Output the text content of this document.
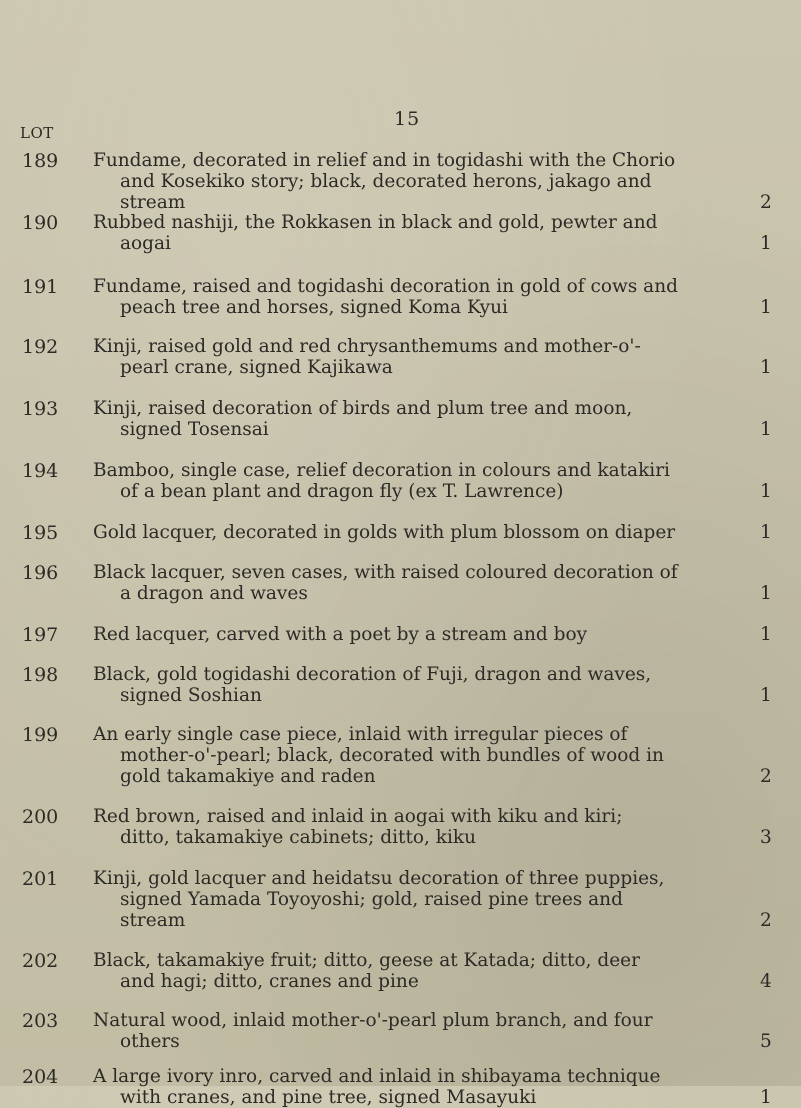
15
LOT
189 Fundame, decorated in relief and in togidashi with the Chorio
and Kosekiko story; black, decorated herons, jakago and
stream	2
190 Rubbed nashiji, the Rokkasen in black and gold, pewter and
aogai	1
191 Fundame, raised and togidashi decoration in gold of cows and
peach tree and horses, signed Koma Kyui	1
192 Kinji, raised gold and red chrysanthemums and mother-o'-
pearl crane, signed Kajikawa	1
193 Kinji, raised decoration of birds and plum tree and moon,
signed Tosensai	1
194 Bamboo, single case, relief decoration in colours and katakiri
of a bean plant and dragon fly (ex T. Lawrence)	1
195 Gold lacquer, decorated in golds with plum blossom on diaper	1
196 Black lacquer, seven cases, with raised coloured decoration of
a dragon and waves	1
197 Red lacquer, carved with a poet by a stream and boy	1
198 Black, gold togidashi decoration of Fuji, dragon and waves,
signed Soshian	1
199 An early single case piece, inlaid with irregular pieces of
mother-o'-pearl; black, decorated with bundles of wood in
gold takamakiye and raden	2
200 Red brown, raised and inlaid in aogai with kiku and kiri;
ditto, takamakiye cabinets; ditto, kiku	3
201 Kinji, gold lacquer and heidatsu decoration of three puppies,
signed Yamada Toyoyoshi; gold, raised pine trees and
stream	2
202 Black, takamakiye fruit; ditto, geese at Katada; ditto, deer
and hagi; ditto, cranes and pine	4
203 Natural wood, inlaid mother-o'-pearl plum branch, and four
others	5
204 A large ivory inro, carved and inlaid in shibayama technique
with cranes, and pine tree, signed Masayuki	1
